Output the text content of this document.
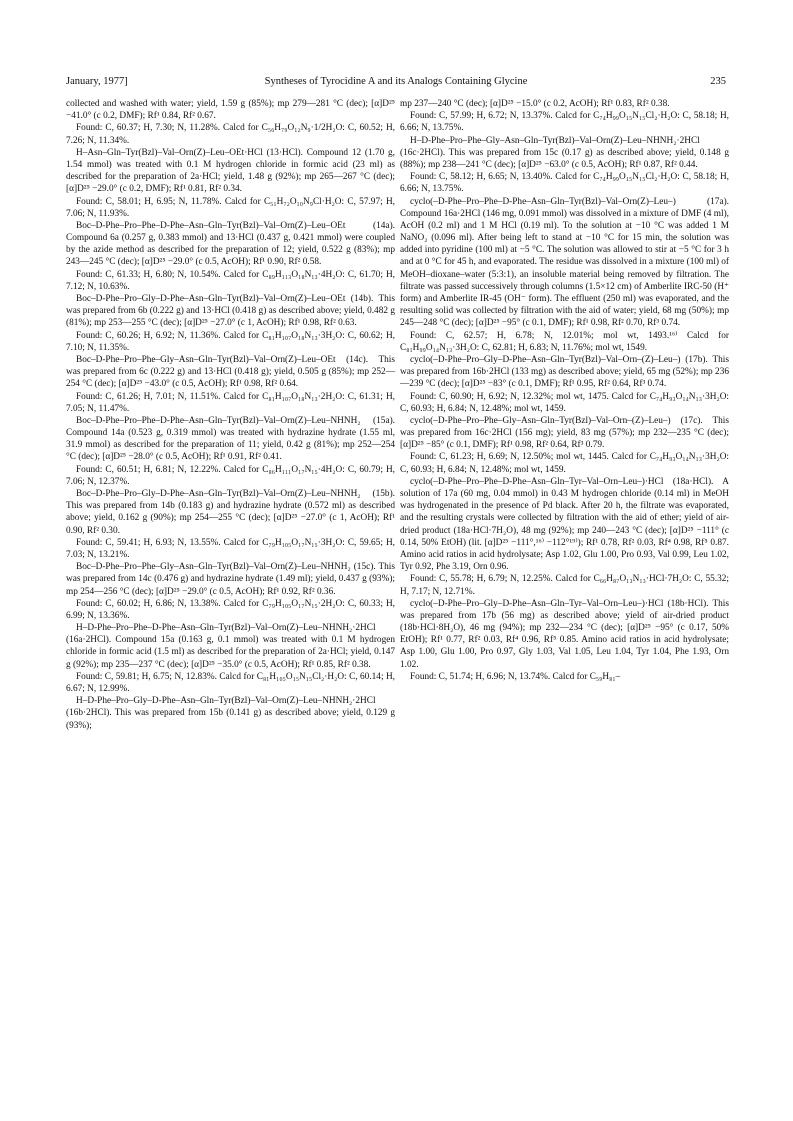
January, 1977]	Syntheses of Tyrocidine A and its Analogs Containing Glycine	235

collected and washed with water; yield, 1.59 g (85%); mp 279—281 °C (dec); [α]D²⁵ −41.0° (c 0.2, DMF); Rf¹ 0.84, Rf² 0.67.

Found: C, 60.37; H, 7.30; N, 11.28%. Calcd for C₅₆H₇₉O₁₂N₉·1/2H₂O: C, 60.52; H, 7.26; N, 11.34%.

H–Asn–Gln–Tyr(Bzl)–Val–Orn(Z)–Leu–OEt·HCl (13·HCl). Compound 12 (1.70 g, 1.54 mmol) was treated with 0.1 M hydrogen chloride in formic acid (23 ml) as described for the preparation of 2a·HCl; yield, 1.48 g (92%); mp 265—267 °C (dec); [α]D²⁵ −29.0° (c 0.2, DMF); Rf¹ 0.81, Rf² 0.34.

Found: C, 58.01; H, 6.95; N, 11.78%. Calcd for C₅₁H₇₂O₁₀N₉Cl·H₂O: C, 57.97; H, 7.06; N, 11.93%.

Boc–D-Phe–Pro–Phe–D-Phe–Asn–Gln–Tyr(Bzl)–Val–Orn(Z)–Leu–OEt (14a). Compound 6a (0.257 g, 0.383 mmol) and 13·HCl (0.437 g, 0.421 mmol) were coupled by the azide method as described for the preparation of 12; yield, 0.522 g (83%); mp 243—245 °C (dec); [α]D²⁵ −29.0° (c 0.5, AcOH); Rf¹ 0.90, Rf² 0.58.

Found: C, 61.33; H, 6.80; N, 10.54%. Calcd for C₈₉H₁₁₃O₁₈N₁₃·4H₂O: C, 61.70; H, 7.12; N, 10.63%.

Boc–D-Phe–Pro–Gly–D-Phe–Asn–Gln–Tyr(Bzl)–Val–Orn(Z)–Leu–OEt (14b). This was prepared from 6b (0.222 g) and 13·HCl (0.418 g) as described above; yield, 0.482 g (81%); mp 253—255 °C (dec); [α]D²⁵ −27.0° (c 1, AcOH); Rf¹ 0.98, Rf² 0.63.

Found: C, 60.26; H, 6.92; N, 11.36%. Calcd for C₈₁H₁₀₇O₁₈N₁₃·3H₂O: C, 60.62; H, 7.10; N, 11.35%.

Boc–D-Phe–Pro–Phe–Gly–Asn–Gln–Tyr(Bzl)–Val–Orn(Z)–Leu–OEt (14c). This was prepared from 6c (0.222 g) and 13·HCl (0.418 g); yield, 0.505 g (85%); mp 252—254 °C (dec); [α]D²⁵ −43.0° (c 0.5, AcOH); Rf¹ 0.98, Rf² 0.64.

Found: C, 61.26; H, 7.01; N, 11.51%. Calcd for C₈₁H₁₀₇O₁₈N₁₃·2H₂O: C, 61.31; H, 7.05; N, 11.47%.

Boc–D-Phe–Pro–Phe–D-Phe–Asn–Gln–Tyr(Bzl)–Val–Orn(Z)–Leu–NHNH₂ (15a). Compound 14a (0.523 g, 0.319 mmol) was treated with hydrazine hydrate (1.55 ml, 31.9 mmol) as described for the preparation of 11; yield, 0.42 g (81%); mp 252—254 °C (dec); [α]D²⁵ −28.0° (c 0.5, AcOH); Rf¹ 0.91, Rf² 0.41.

Found: C, 60.51; H, 6.81; N, 12.22%. Calcd for C₈₆H₁₁₁O₁₇N₁₅·4H₂O: C, 60.79; H, 7.06; N, 12.37%.

Boc–D-Phe–Pro–Gly–D-Phe–Asn–Gln–Tyr(Bzl)–Val–Orn(Z)–Leu–NHNH₂ (15b). This was prepared from 14b (0.183 g) and hydrazine hydrate (0.572 ml) as described above; yield, 0.162 g (90%); mp 254—255 °C (dec); [α]D²⁵ −27.0° (c 1, AcOH); Rf¹ 0.90, Rf² 0.30.

Found: C, 59.41; H, 6.93; N, 13.55%. Calcd for C₇₉H₁₀₅O₁₇N₁₅·3H₂O: C, 59.65; H, 7.03; N, 13.21%.

Boc–D-Phe–Pro–Phe–Gly–Asn–Gln–Tyr(Bzl)–Val–Orn(Z)–Leu–NHNH₂ (15c). This was prepared from 14c (0.476 g) and hydrazine hydrate (1.49 ml); yield, 0.437 g (93%); mp 254—256 °C (dec); [α]D²⁵ −29.0° (c 0.5, AcOH); Rf¹ 0.92, Rf² 0.36.

Found: C, 60.02; H, 6.86; N, 13.38%. Calcd for C₇₉H₁₀₅O₁₇N₁₅·2H₂O: C, 60.33; H, 6.99; N, 13.36%.

H–D-Phe–Pro–Phe–D-Phe–Asn–Gln–Tyr(Bzl)–Val–Orn(Z)–Leu–NHNH₂·2HCl (16a·2HCl). Compound 15a (0.163 g, 0.1 mmol) was treated with 0.1 M hydrogen chloride in formic acid (1.5 ml) as described for the preparation of 2a·HCl; yield, 0.147 g (92%); mp 235—237 °C (dec); [α]D²⁵ −35.0° (c 0.5, AcOH); Rf¹ 0.85, Rf² 0.38.

Found: C, 59.81; H, 6.75; N, 12.83%. Calcd for C₈₁H₁₀₅O₁₅N₁₅Cl₂·H₂O: C, 60.14; H, 6.67; N, 12.99%.

H–D-Phe–Pro–Gly–D-Phe–Asn–Gln–Tyr(Bzl)–Val–Orn(Z)–Leu–NHNH₂·2HCl (16b·2HCl). This was prepared from 15b (0.141 g) as described above; yield, 0.129 g (93%);

mp 237—240 °C (dec); [α]D²⁵ −15.0° (c 0.2, AcOH); Rf¹ 0.83, Rf² 0.38.

Found: C, 57.99; H, 6.72; N, 13.37%. Calcd for C₇₄H₉₉O₁₅N₁₅Cl₂·H₂O: C, 58.18; H, 6.66; N, 13.75%.

H–D-Phe–Pro–Phe–Gly–Asn–Gln–Tyr(Bzl)–Val–Orn(Z)–Leu–NHNH₂·2HCl (16c·2HCl). This was prepared from 15c (0.17 g) as described above; yield, 0.148 g (88%); mp 238—241 °C (dec); [α]D²⁵ −63.0° (c 0.5, AcOH); Rf¹ 0.87, Rf² 0.44.

Found: C, 58.12; H, 6.65; N, 13.40%. Calcd for C₇₄H₉₉O₁₅N₁₅Cl₂·H₂O: C, 58.18; H, 6.66; N, 13.75%.

cyclo(–D-Phe–Pro–Phe–D-Phe–Asn–Gln–Tyr(Bzl)–Val–Orn(Z)–Leu–) (17a). Compound 16a·2HCl (146 mg, 0.091 mmol) was dissolved in a mixture of DMF (4 ml), AcOH (0.2 ml) and 1 M HCl (0.19 ml). To the solution at −10 °C was added 1 M NaNO₂ (0.096 ml). After being left to stand at −10 °C for 15 min, the solution was added into pyridine (100 ml) at −5 °C. The solution was allowed to stir at −5 °C for 3 h and at 0 °C for 45 h, and evaporated. The residue was dissolved in a mixture (100 ml) of MeOH–dioxane–water (5:3:1), an insoluble material being removed by filtration. The filtrate was passed successively through columns (1.5×12 cm) of Amberlite IRC-50 (H⁺ form) and Amberlite IR-45 (OH⁻ form). The effluent (250 ml) was evaporated, and the resulting solid was collected by filtration with the aid of water; yield, 68 mg (50%); mp 245—248 °C (dec); [α]D²⁵ −95° (c 0.1, DMF); Rf¹ 0.98, Rf² 0.70, Rf³ 0.74.

Found: C, 62.57; H, 6.78; N, 12.01%; mol wt, 1493.¹⁶⁾ Calcd for C₈₁H₉₉O₁₄N₁₃·3H₂O: C, 62.81; H, 6.83; N, 11.76%; mol wt, 1549.

cyclo(–D-Phe–Pro–Gly–D-Phe–Asn–Gln–Tyr(Bzl)–Val–Orn–(Z)–Leu–) (17b). This was prepared from 16b·2HCl (133 mg) as described above; yield, 65 mg (52%); mp 236—239 °C (dec); [α]D²⁵ −83° (c 0.1, DMF); Rf¹ 0.95, Rf² 0.64, Rf³ 0.74.

Found: C, 60.90; H, 6.92; N, 12.32%; mol wt, 1475. Calcd for C₇₄H₉₃O₁₄N₁₃·3H₂O: C, 60.93; H, 6.84; N, 12.48%; mol wt, 1459.

cyclo(–D-Phe–Pro–Phe–Gly–Asn–Gln–Tyr(Bzl)–Val–Orn–(Z)–Leu–) (17c). This was prepared from 16c·2HCl (156 mg); yield, 83 mg (57%); mp 232—235 °C (dec); [α]D²⁵ −85° (c 0.1, DMF); Rf¹ 0.98, Rf² 0.64, Rf³ 0.79.

Found: C, 61.23; H, 6.69; N, 12.50%; mol wt, 1445. Calcd for C₇₄H₉₃O₁₄N₁₃·3H₂O: C, 60.93; H, 6.84; N, 12.48%; mol wt, 1459.

cyclo(–D-Phe–Pro–Phe–D-Phe–Asn–Gln–Tyr–Val–Orn–Leu–)·HCl (18a·HCl). A solution of 17a (60 mg, 0.04 mmol) in 0.43 M hydrogen chloride (0.14 ml) in MeOH was hydrogenated in the presence of Pd black. After 20 h, the filtrate was evaporated, and the resulting crystals were collected by filtration with the aid of ether; yield of air-dried product (18a·HCl·7H₂O), 48 mg (92%); mp 240—243 °C (dec); [α]D²⁵ −111° (c 0.14, 50% EtOH) (lit. [α]D²⁵ −111°,¹⁶⁾ −112°¹⁹⁾); Rf¹ 0.78, Rf² 0.03, Rf⁴ 0.98, Rf⁵ 0.87. Amino acid ratios in acid hydrolysate; Asp 1.02, Glu 1.00, Pro 0.93, Val 0.99, Leu 1.02, Tyr 0.92, Phe 3.19, Orn 0.96.

Found: C, 55.78; H, 6.79; N, 12.25%. Calcd for C₆₆H₈₇O₁₃N₁₃·HCl·7H₂O: C, 55.32; H, 7.17; N, 12.71%.

cyclo(–D-Phe–Pro–Gly–D-Phe–Asn–Gln–Tyr–Val–Orn–Leu–)·HCl (18b·HCl). This was prepared from 17b (56 mg) as described above; yield of air-dried product (18b·HCl·8H₂O), 46 mg (94%); mp 232—234 °C (dec); [α]D²⁵ −95° (c 0.17, 50% EtOH); Rf¹ 0.77, Rf² 0.03, Rf⁴ 0.96, Rf⁵ 0.85. Amino acid ratios in acid hydrolysate; Asp 1.00, Glu 1.00, Pro 0.97, Gly 1.03, Val 1.05, Leu 1.04, Tyr 1.04, Phe 1.93, Orn 1.02.

Found: C, 51.74; H, 6.96; N, 13.74%. Calcd for C₅₉H₈₁–
